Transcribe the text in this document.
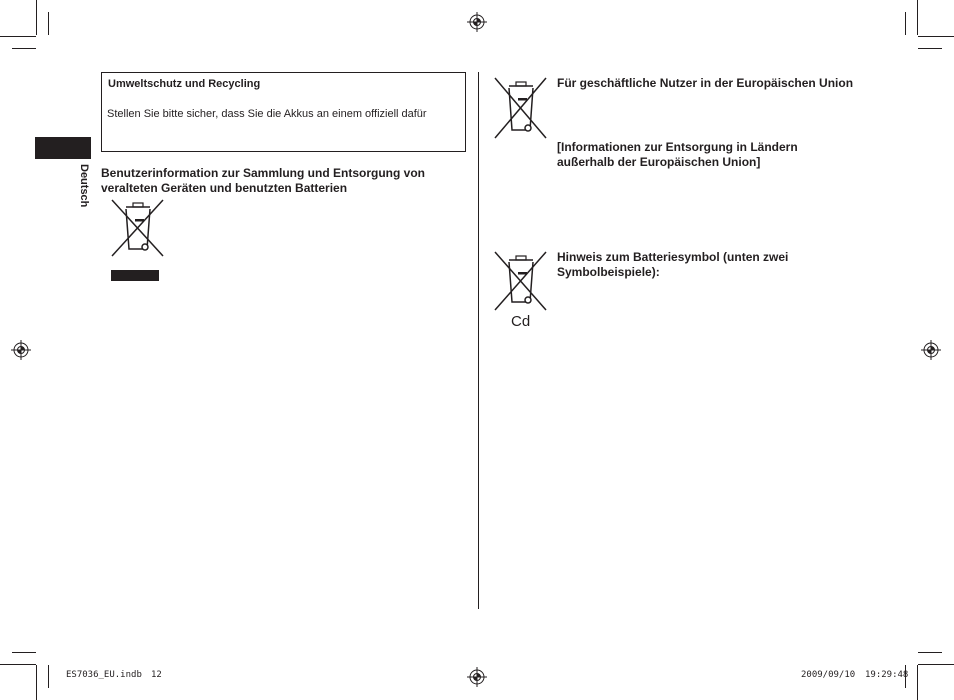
Umweltschutz und Recycling
Stellen Sie bitte sicher, dass Sie die Akkus an einem offiziell dafür
Deutsch Benutzerinformation zur Sammlung und Entsorgung von
veralteten Geräten und benutzten Batterien
Für geschäftliche Nutzer in der Europäischen Union
[Informationen zur Entsorgung in Ländern
außerhalb der Europäischen Union]
Cd
Hinweis zum Batteriesymbol (unten zwei
Symbolbeispiele):
ES7036_EU.indb 12	2009/09/10 19:29:48
